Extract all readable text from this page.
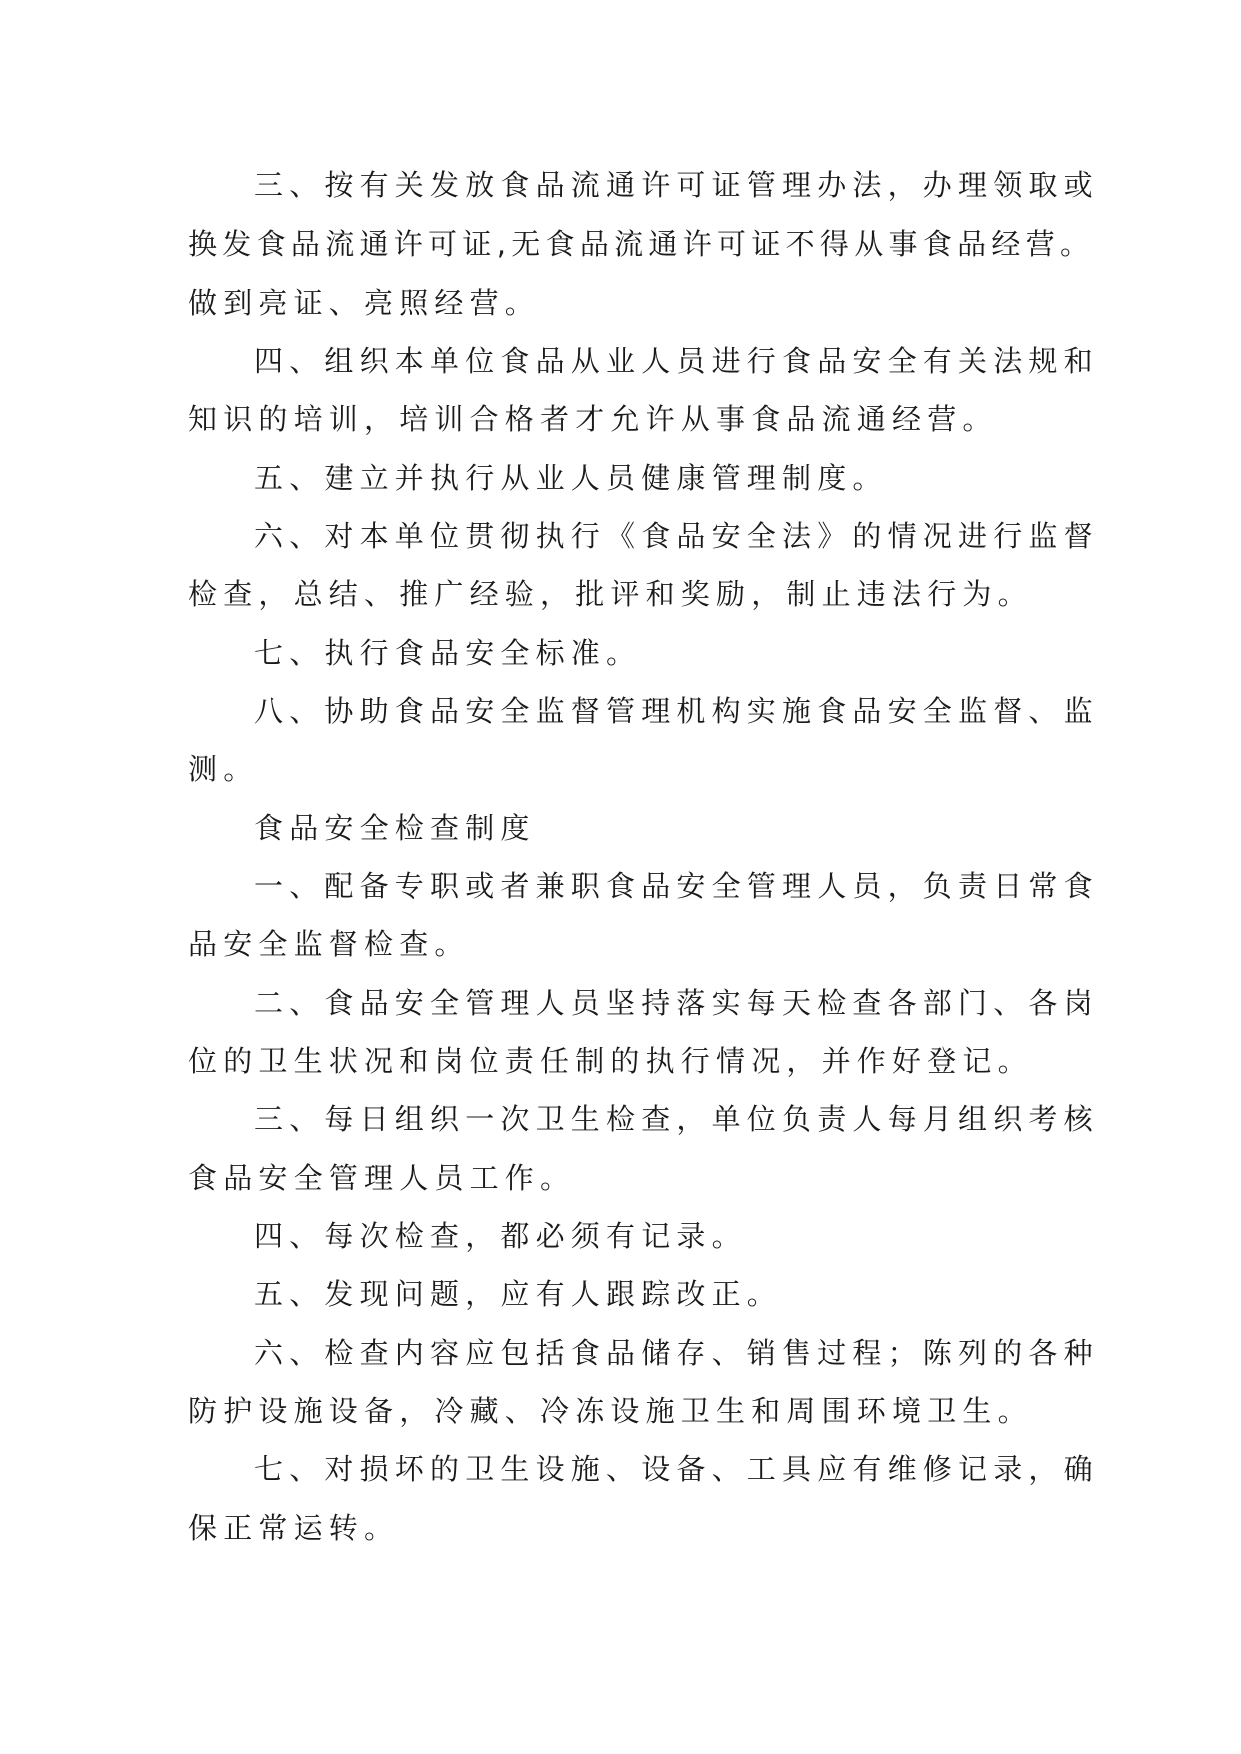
三、按有关发放食品流通许可证管理办法，办理领取或

换发食品流通许可证,无食品流通许可证不得从事食品经营。

做到亮证、亮照经营。

四、组织本单位食品从业人员进行食品安全有关法规和

知识的培训，培训合格者才允许从事食品流通经营。

五、建立并执行从业人员健康管理制度。

六、对本单位贯彻执行《食品安全法》的情况进行监督

检查，总结、推广经验，批评和奖励，制止违法行为。

七、执行食品安全标准。

八、协助食品安全监督管理机构实施食品安全监督、监

测。

食品安全检查制度

一、配备专职或者兼职食品安全管理人员，负责日常食

品安全监督检查。

二、食品安全管理人员坚持落实每天检查各部门、各岗

位的卫生状况和岗位责任制的执行情况，并作好登记。

三、每日组织一次卫生检查，单位负责人每月组织考核

食品安全管理人员工作。

四、每次检查，都必须有记录。

五、发现问题，应有人跟踪改正。

六、检查内容应包括食品储存、销售过程；陈列的各种

防护设施设备，冷藏、冷冻设施卫生和周围环境卫生。

七、对损坏的卫生设施、设备、工具应有维修记录，确

保正常运转。
